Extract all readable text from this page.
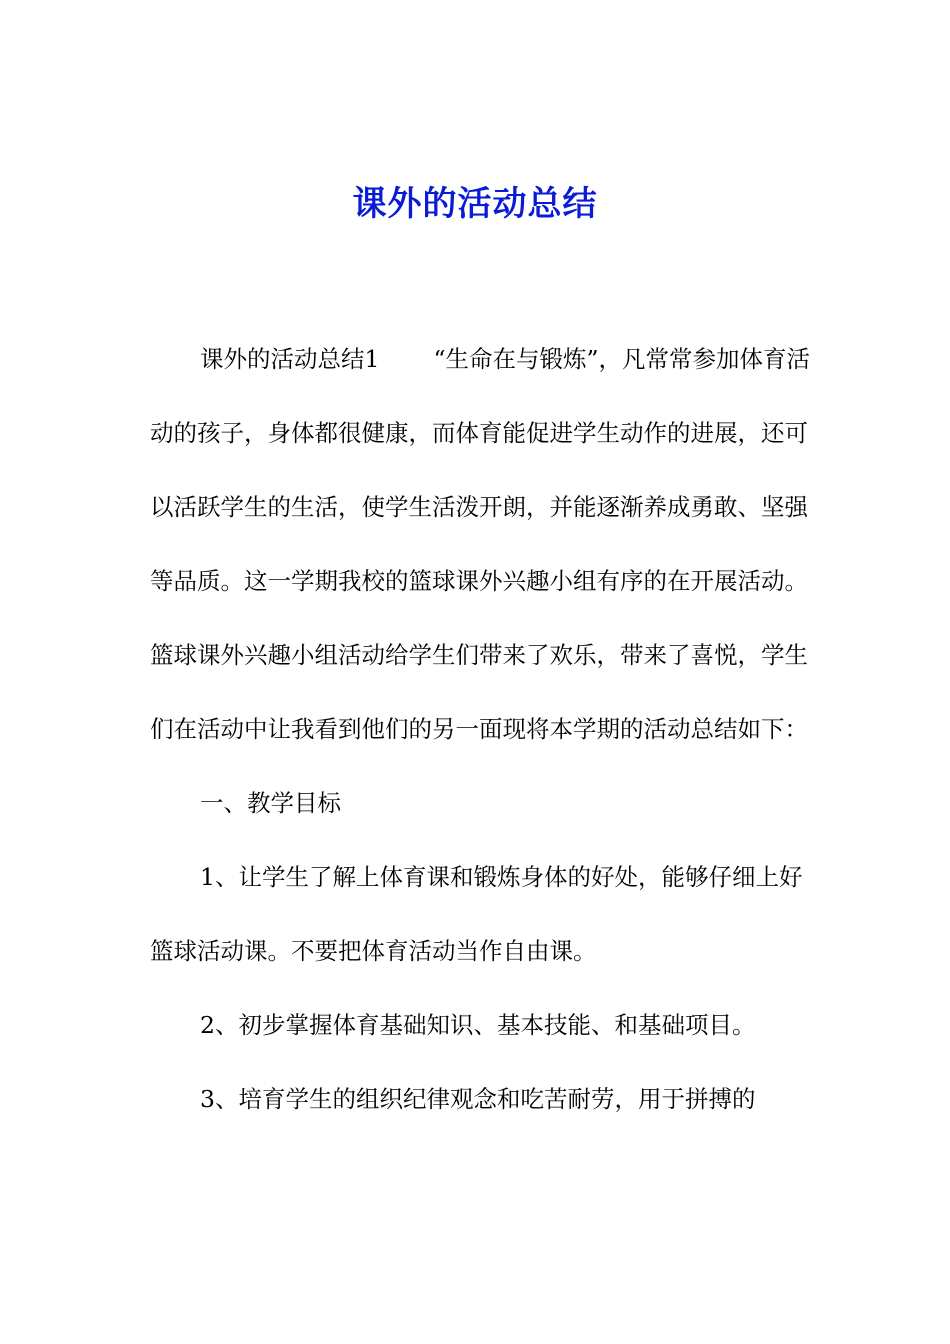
课外的活动总结

课外的活动总结1 “生命在与锻炼”，凡常常参加体育活动的孩子，身体都很健康，而体育能促进学生动作的进展，还可以活跃学生的生活，使学生活泼开朗，并能逐渐养成勇敢、坚强等品质。这一学期我校的篮球课外兴趣小组有序的在开展活动。篮球课外兴趣小组活动给学生们带来了欢乐，带来了喜悦，学生们在活动中让我看到他们的另一面现将本学期的活动总结如下：

一、教学目标

1、让学生了解上体育课和锻炼身体的好处，能够仔细上好篮球活动课。不要把体育活动当作自由课。

2、初步掌握体育基础知识、基本技能、和基础项目。

3、培育学生的组织纪律观念和吃苦耐劳，用于拼搏的
